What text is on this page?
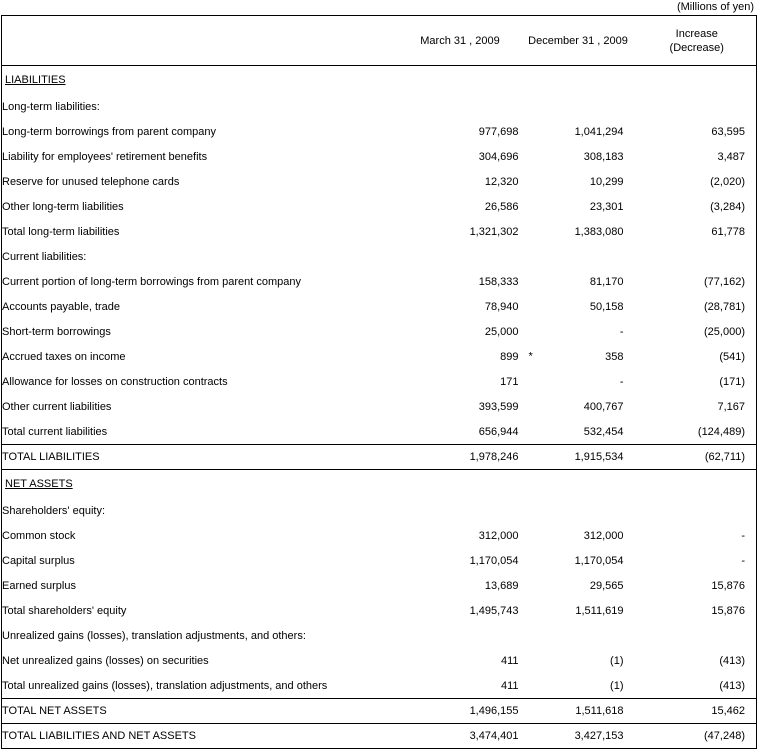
(Millions of yen)
	March 31 , 2009	December 31 , 2009	Increase
(Decrease)

LIABILITIES			
Long-term liabilities:			
Long-term borrowings from parent company	977,698	1,041,294	63,595
Liability for employees' retirement benefits	304,696	308,183	3,487
Reserve for unused telephone cards	12,320	10,299	(2,020)
Other long-term liabilities	26,586	23,301	(3,284)
Total long-term liabilities	1,321,302	1,383,080	61,778
Current liabilities:			
Current portion of long-term borrowings from parent company	158,333	81,170	(77,162)
Accounts payable, trade	78,940	50,158	(28,781)
Short-term borrowings	25,000	-	(25,000)
Accrued taxes on income	899	* 358	(541)
Allowance for losses on construction contracts	171	-	(171)
Other current liabilities	393,599	400,767	7,167
Total current liabilities	656,944	532,454	(124,489)
TOTAL LIABILITIES	1,978,246	1,915,534	(62,711)
NET ASSETS			
Shareholders' equity:			
Common stock	312,000	312,000	-
Capital surplus	1,170,054	1,170,054	-
Earned surplus	13,689	29,565	15,876
Total shareholders' equity	1,495,743	1,511,619	15,876
Unrealized gains (losses), translation adjustments, and others:			
Net unrealized gains (losses) on securities	411	(1)	(413)
Total unrealized gains (losses), translation adjustments, and others	411	(1)	(413)
TOTAL NET ASSETS	1,496,155	1,511,618	15,462
TOTAL LIABILITIES AND NET ASSETS	3,474,401	3,427,153	(47,248)
